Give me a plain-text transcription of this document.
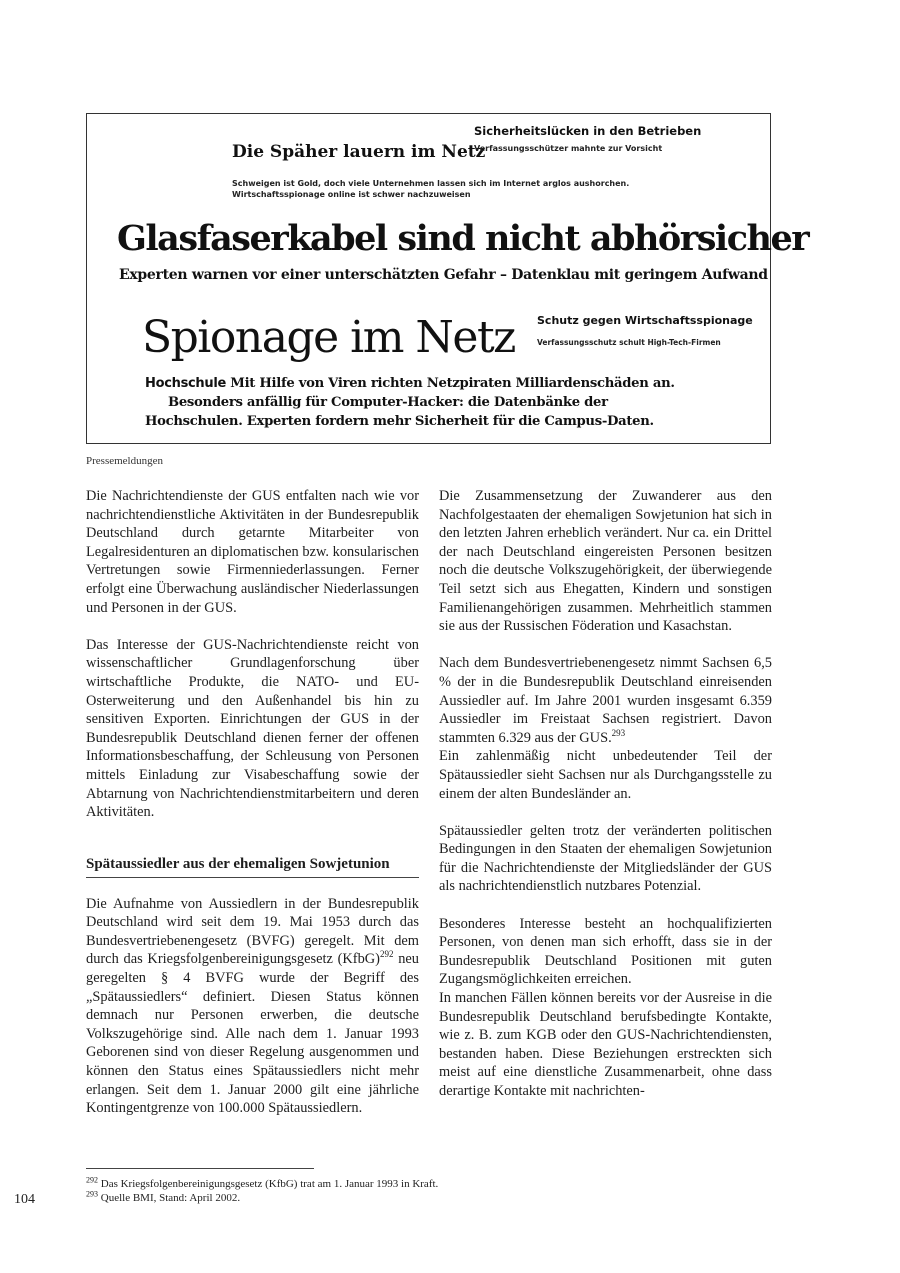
Die Späher lauern im Netz
Sicherheitslücken in den Betrieben
Verfassungsschützer mahnte zur Vorsicht
Schweigen ist Gold, doch viele Unternehmen lassen sich im Internet arglos aushorchen.
Wirtschaftsspionage online ist schwer nachzuweisen
Glasfaserkabel sind nicht abhörsicher
Experten warnen vor einer unterschätzten Gefahr – Datenklau mit geringem Aufwand
Spionage im Netz Schutz gegen Wirtschaftsspionage
Verfassungsschutz schult High-Tech-Firmen
Hochschule Mit Hilfe von Viren richten Netzpiraten Milliardenschäden an.
Besonders anfällig für Computer-Hacker: die Datenbänke der
Hochschulen. Experten fordern mehr Sicherheit für die Campus-Daten.
Pressemeldungen

Die Nachrichtendienste der GUS entfalten nach wie vor nachrichtendienstliche Aktivitäten in der Bundesrepublik Deutschland durch getarnte Mitarbeiter von Legalresidenturen an diplomatischen bzw. konsularischen Vertretungen sowie Firmenniederlassungen. Ferner erfolgt eine Überwachung ausländischer Niederlassungen und Personen in der GUS.

Das Interesse der GUS-Nachrichtendienste reicht von wissenschaftlicher Grundlagenforschung über wirtschaftliche Produkte, die NATO- und EU-Osterweiterung und den Außenhandel bis hin zu sensitiven Exporten. Einrichtungen der GUS in der Bundesrepublik Deutschland dienen ferner der offenen Informationsbeschaffung, der Schleusung von Personen mittels Einladung zur Visabeschaffung sowie der Abtarnung von Nachrichtendienstmitarbeitern und deren Aktivitäten.

Spätaussiedler aus der ehemaligen Sowjetunion

Die Aufnahme von Aussiedlern in der Bundesrepublik Deutschland wird seit dem 19. Mai 1953 durch das Bundesvertriebenengesetz (BVFG) geregelt. Mit dem durch das Kriegsfolgenbereinigungsgesetz (KfbG)$^{292}$ neu geregelten § 4 BVFG wurde der Begriff des „Spätaussiedlers“ definiert. Diesen Status können demnach nur Personen erwerben, die deutsche Volkszugehörige sind. Alle nach dem 1. Januar 1993 Geborenen sind von dieser Regelung ausgenommen und können den Status eines Spätaussiedlers nicht mehr erlangen. Seit dem 1. Januar 2000 gilt eine jährliche Kontingentgrenze von 100.000 Spätaussiedlern.

Die Zusammensetzung der Zuwanderer aus den Nachfolgestaaten der ehemaligen Sowjetunion hat sich in den letzten Jahren erheblich verändert. Nur ca. ein Drittel der nach Deutschland eingereisten Personen besitzen noch die deutsche Volkszugehörigkeit, der überwiegende Teil setzt sich aus Ehegatten, Kindern und sonstigen Familienangehörigen zusammen. Mehrheitlich stammen sie aus der Russischen Föderation und Kasachstan.

Nach dem Bundesvertriebenengesetz nimmt Sachsen 6,5 % der in die Bundesrepublik Deutschland einreisenden Aussiedler auf. Im Jahre 2001 wurden insgesamt 6.359 Aussiedler im Freistaat Sachsen registriert. Davon stammten 6.329 aus der GUS.$^{293}$

Ein zahlenmäßig nicht unbedeutender Teil der Spätaussiedler sieht Sachsen nur als Durchgangsstelle zu einem der alten Bundesländer an.

Spätaussiedler gelten trotz der veränderten politischen Bedingungen in den Staaten der ehemaligen Sowjetunion für die Nachrichtendienste der Mitgliedsländer der GUS als nachrichtendienstlich nutzbares Potenzial.

Besonderes Interesse besteht an hochqualifizierten Personen, von denen man sich erhofft, dass sie in der Bundesrepublik Deutschland Positionen mit guten Zugangsmöglichkeiten erreichen.

In manchen Fällen können bereits vor der Ausreise in die Bundesrepublik Deutschland berufsbedingte Kontakte, wie z. B. zum KGB oder den GUS-Nachrichtendiensten, bestanden haben. Diese Beziehungen erstreckten sich meist auf eine dienstliche Zusammenarbeit, ohne dass derartige Kontakte mit nachrichten-

$^{292}$ Das Kriegsfolgenbereinigungsgesetz (KfbG) trat am 1. Januar 1993 in Kraft.
$^{293}$ Quelle BMI, Stand: April 2002.
104
